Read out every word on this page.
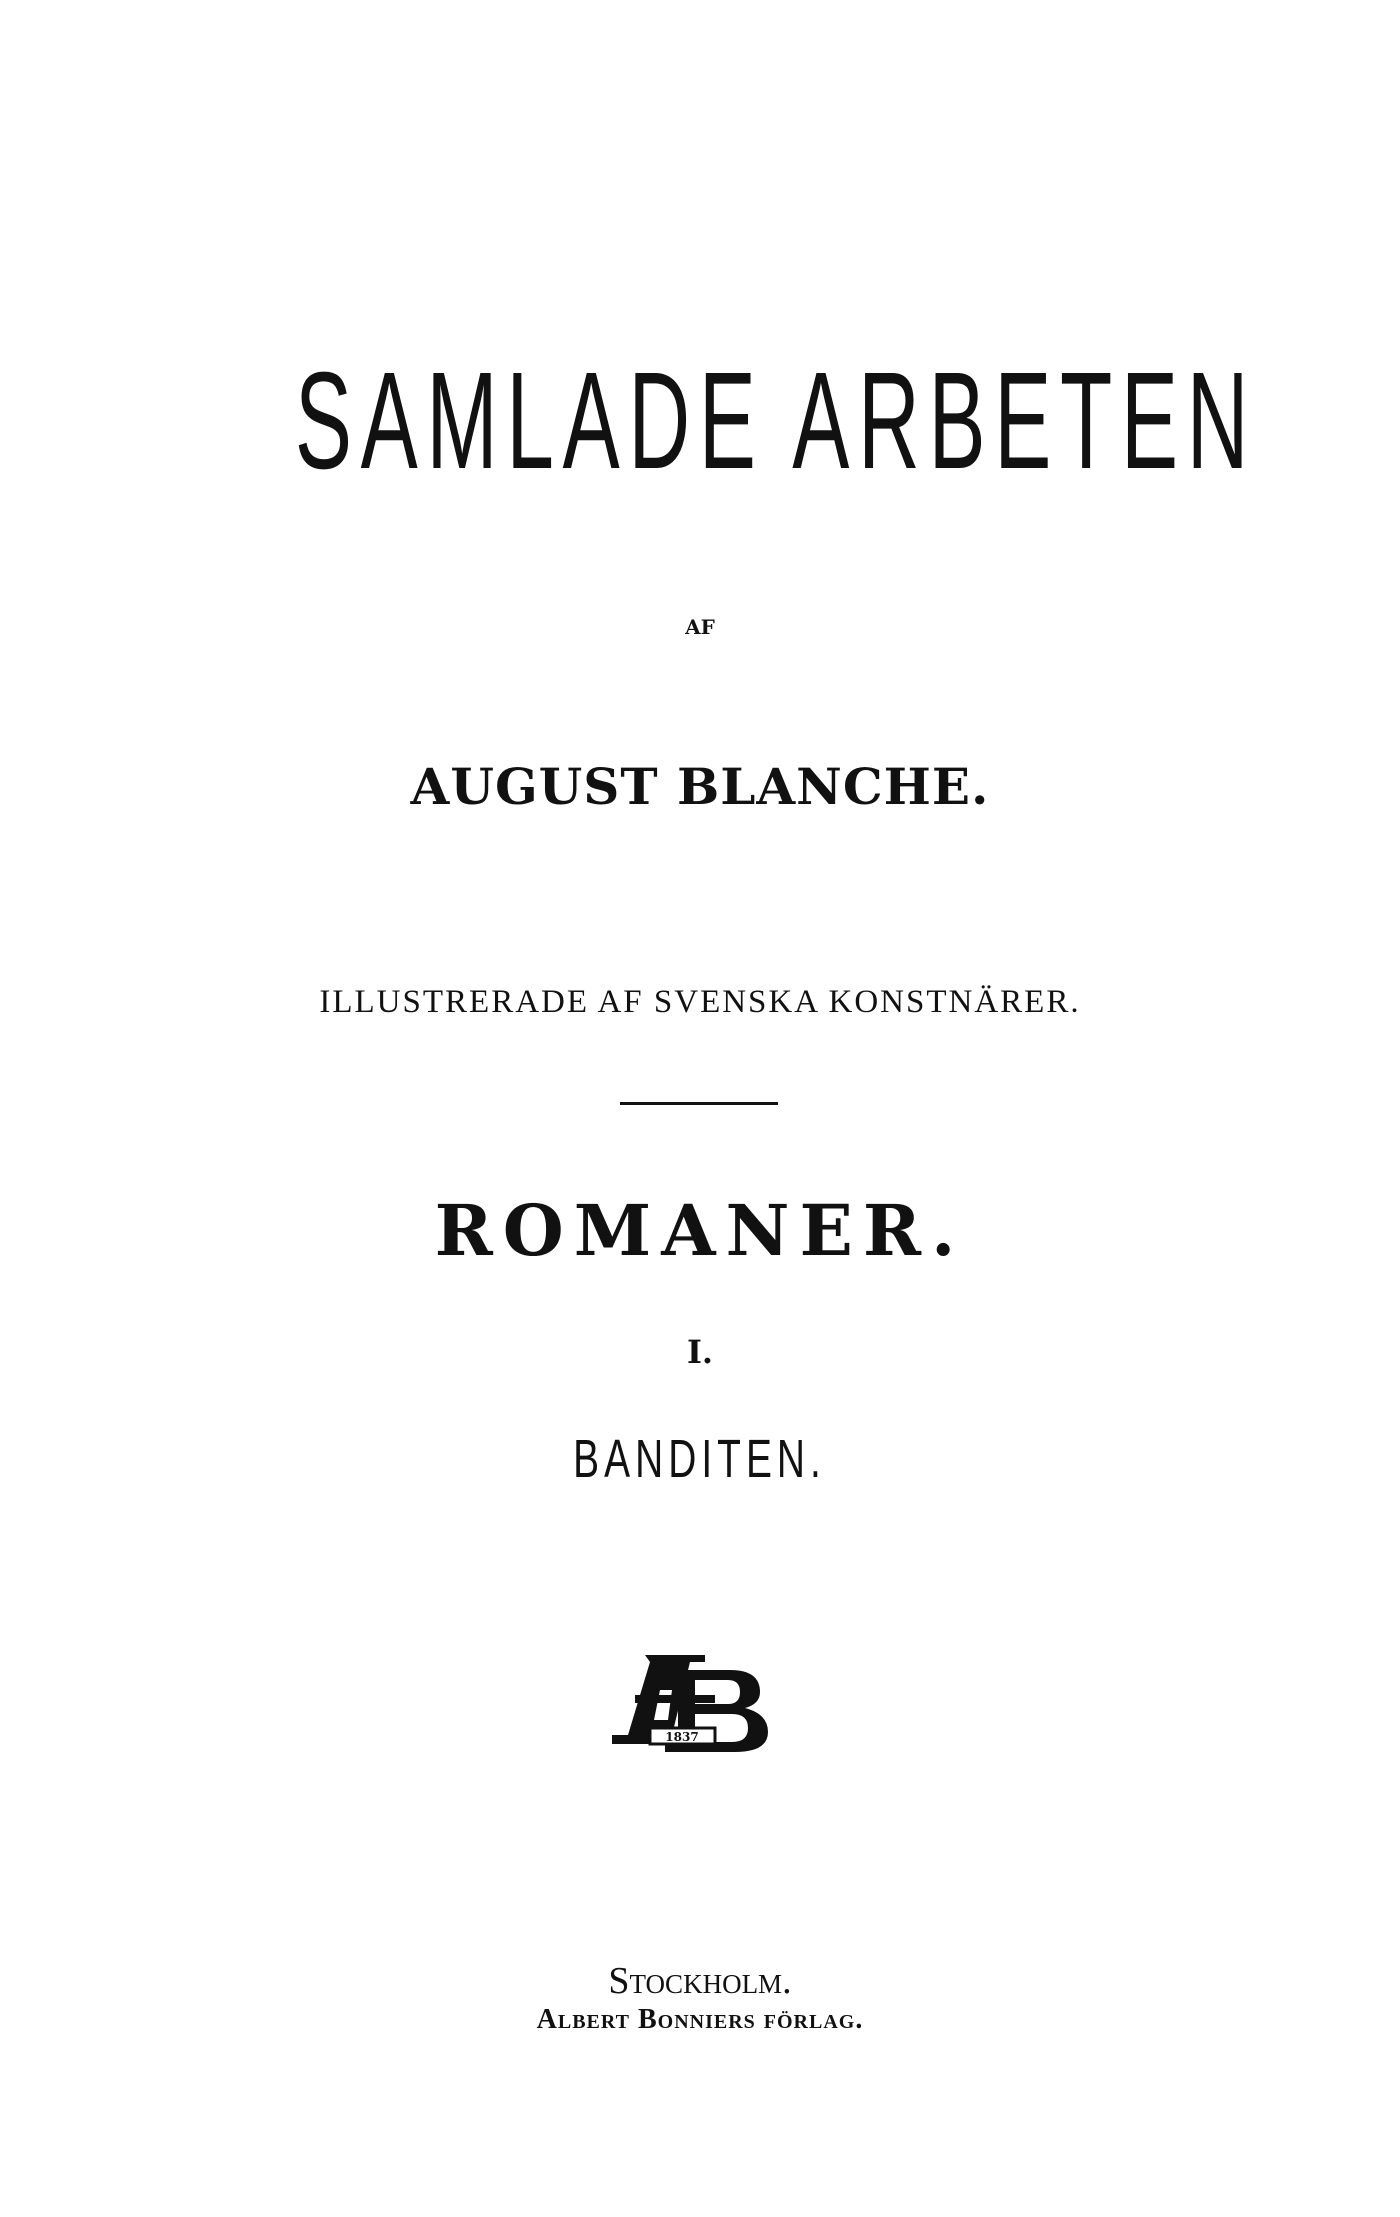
SAMLADE ARBETEN
AF
AUGUST BLANCHE.
ILLUSTRERADE AF SVENSKA KONSTNÄRER.
ROMANER.
I.
BANDITEN.
1837
Stockholm.
Albert Bonniers förlag.
